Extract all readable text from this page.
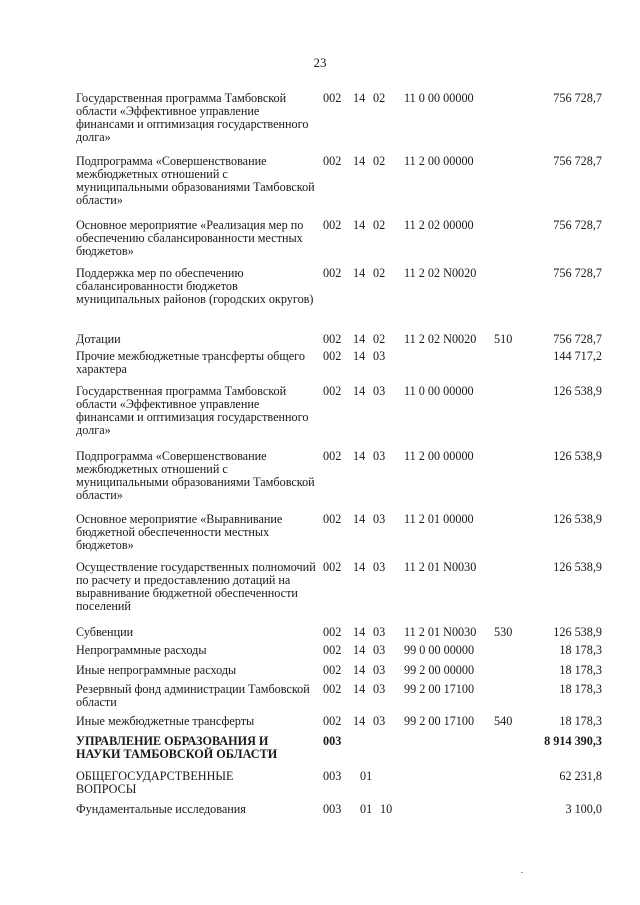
23
Государственная программа Тамбовской области «Эффективное управление финансами и оптимизация государственного долга»
002 14 02 11 0 00 00000	756 728,7
Подпрограмма «Совершенствование межбюджетных отношений с муниципальными образованиями Тамбовской области»
002 14 02 11 2 00 00000	756 728,7
Основное мероприятие «Реализация мер по обеспечению сбалансированности местных бюджетов»
002 14 02 11 2 02 00000	756 728,7
Поддержка мер по обеспечению сбалансированности бюджетов муниципальных районов (городских округов)
002 14 02 11 2 02 N0020	756 728,7
Дотации	002 14 02 11 2 02 N0020 510	756 728,7
Прочие межбюджетные трансферты общего характера
002 14 03	144 717,2
Государственная программа Тамбовской области «Эффективное управление финансами и оптимизация государственного долга»
002 14 03 11 0 00 00000	126 538,9
Подпрограмма «Совершенствование межбюджетных отношений с муниципальными образованиями Тамбовской области»
002 14 03 11 2 00 00000	126 538,9
Основное мероприятие «Выравнивание бюджетной обеспеченности местных бюджетов»
002 14 03 11 2 01 00000	126 538,9
Осуществление государственных полномочий по расчету и предоставлению дотаций на выравнивание бюджетной обеспеченности поселений
002 14 03 11 2 01 N0030	126 538,9
Субвенции	002 14 03 11 2 01 N0030 530	126 538,9
Непрограммные расходы	002 14 03 99 0 00 00000	18 178,3
Иные непрограммные расходы	002 14 03 99 2 00 00000	18 178,3
Резервный фонд администрации Тамбовской области
002 14 03 99 2 00 17100	18 178,3
Иные межбюджетные трансферты	002 14 03 99 2 00 17100 540	18 178,3
УПРАВЛЕНИЕ ОБРАЗОВАНИЯ И НАУКИ ТАМБОВСКОЙ ОБЛАСТИ
003	8 914 390,3
ОБЩЕГОСУДАРСТВЕННЫЕ ВОПРОСЫ
003 01	62 231,8
Фундаментальные исследования	003 01 10	3 100,0
